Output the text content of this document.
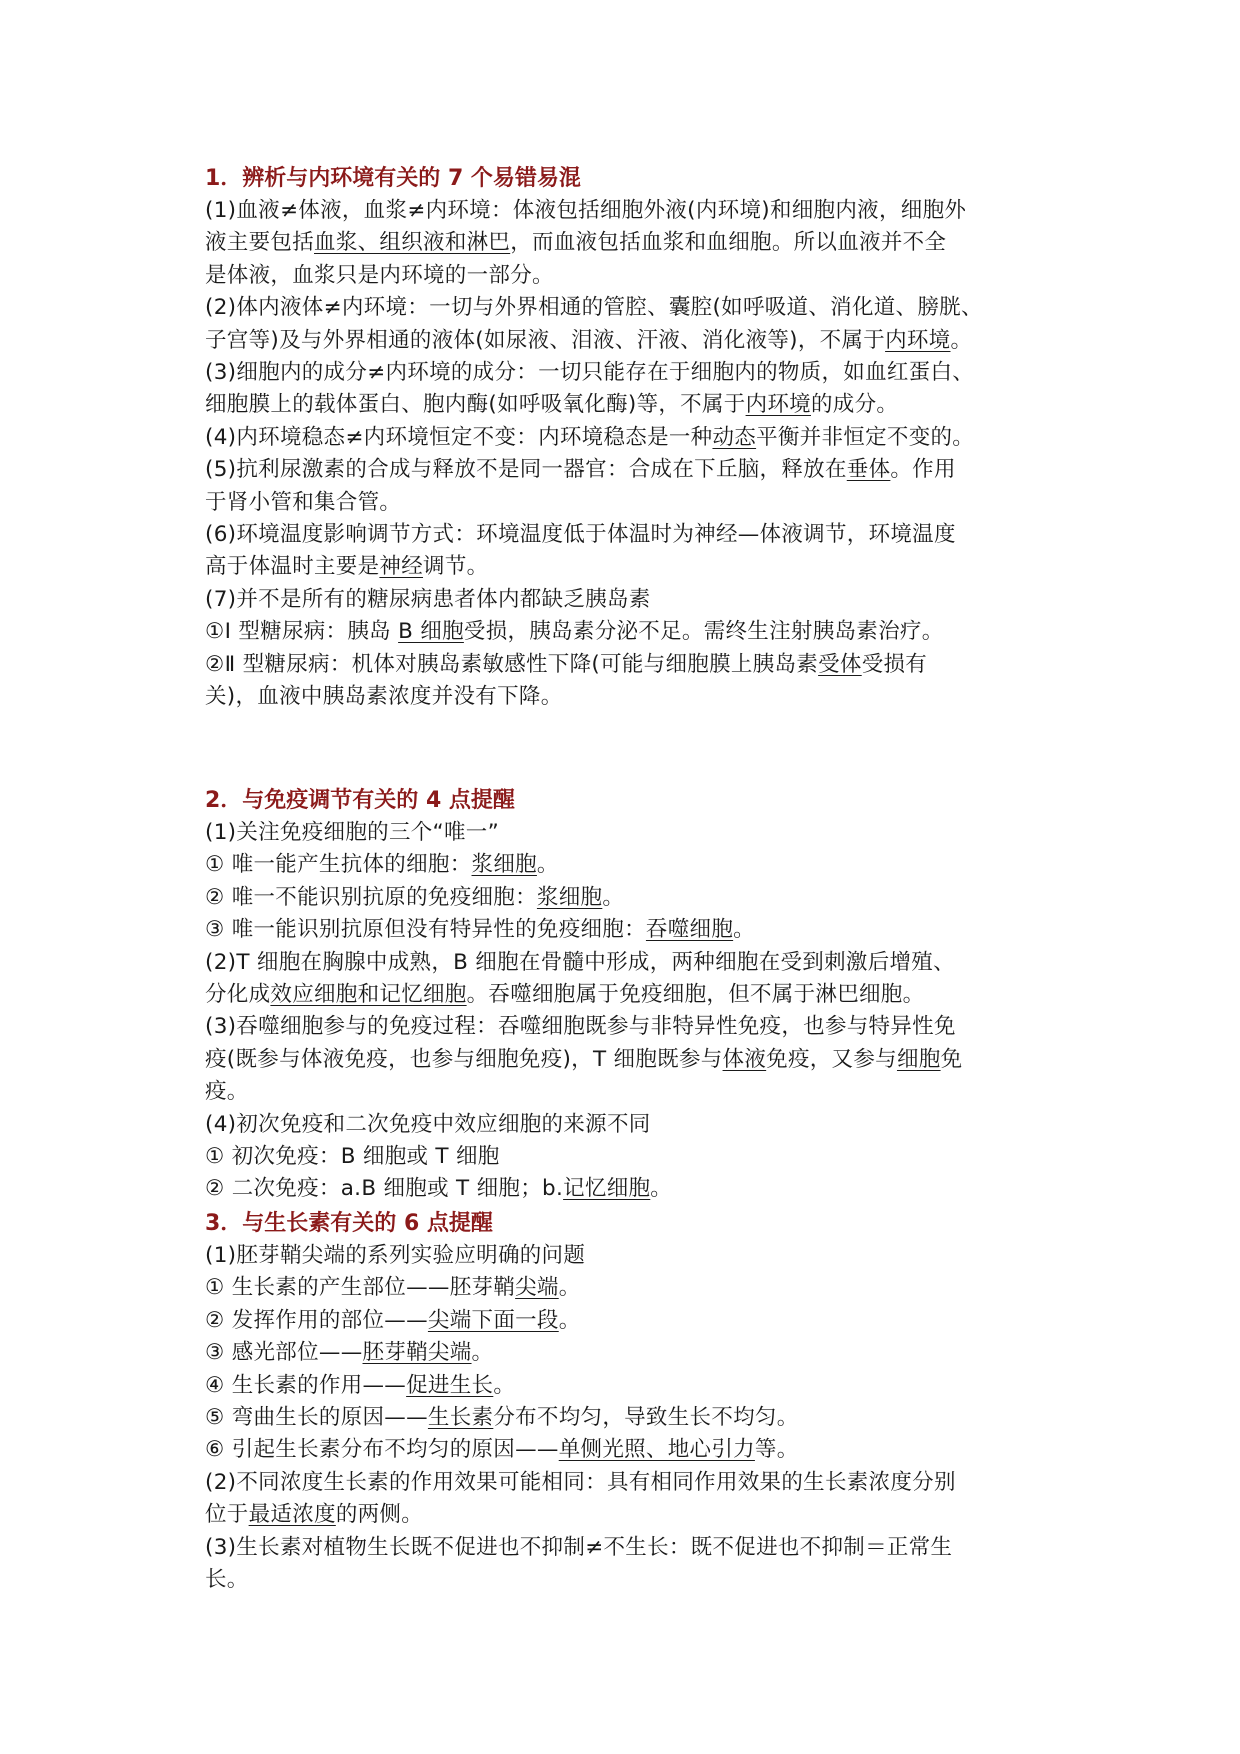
1．辨析与内环境有关的 7 个易错易混

(1)血液≠体液，血浆≠内环境：体液包括细胞外液(内环境)和细胞内液，细胞外

液主要包括血浆、组织液和淋巴，而血液包括血浆和血细胞。所以血液并不全

是体液，血浆只是内环境的一部分。

(2)体内液体≠内环境：一切与外界相通的管腔、囊腔(如呼吸道、消化道、膀胱、

子宫等)及与外界相通的液体(如尿液、泪液、汗液、消化液等)，不属于内环境。

(3)细胞内的成分≠内环境的成分：一切只能存在于细胞内的物质，如血红蛋白、

细胞膜上的载体蛋白、胞内酶(如呼吸氧化酶)等，不属于内环境的成分。

(4)内环境稳态≠内环境恒定不变：内环境稳态是一种动态平衡并非恒定不变的。

(5)抗利尿激素的合成与释放不是同一器官：合成在下丘脑，释放在垂体。作用

于肾小管和集合管。

(6)环境温度影响调节方式：环境温度低于体温时为神经—体液调节，环境温度

高于体温时主要是神经调节。

(7)并不是所有的糖尿病患者体内都缺乏胰岛素

①Ⅰ 型糖尿病：胰岛 B 细胞受损，胰岛素分泌不足。需终生注射胰岛素治疗。

②Ⅱ 型糖尿病：机体对胰岛素敏感性下降(可能与细胞膜上胰岛素受体受损有

关)，血液中胰岛素浓度并没有下降。

2．与免疫调节有关的 4 点提醒

(1)关注免疫细胞的三个“唯一”

① 唯一能产生抗体的细胞：浆细胞。

② 唯一不能识别抗原的免疫细胞：浆细胞。

③ 唯一能识别抗原但没有特异性的免疫细胞：吞噬细胞。

(2)T 细胞在胸腺中成熟，B 细胞在骨髓中形成，两种细胞在受到刺激后增殖、

分化成效应细胞和记忆细胞。吞噬细胞属于免疫细胞，但不属于淋巴细胞。

(3)吞噬细胞参与的免疫过程：吞噬细胞既参与非特异性免疫，也参与特异性免

疫(既参与体液免疫，也参与细胞免疫)，T 细胞既参与体液免疫，又参与细胞免

疫。

(4)初次免疫和二次免疫中效应细胞的来源不同

① 初次免疫：B 细胞或 T 细胞

② 二次免疫：a.B 细胞或 T 细胞；b.记忆细胞。

3．与生长素有关的 6 点提醒

(1)胚芽鞘尖端的系列实验应明确的问题

① 生长素的产生部位——胚芽鞘尖端。

② 发挥作用的部位——尖端下面一段。

③ 感光部位——胚芽鞘尖端。

④ 生长素的作用——促进生长。

⑤ 弯曲生长的原因——生长素分布不均匀，导致生长不均匀。

⑥ 引起生长素分布不均匀的原因——单侧光照、地心引力等。

(2)不同浓度生长素的作用效果可能相同：具有相同作用效果的生长素浓度分别

位于最适浓度的两侧。

(3)生长素对植物生长既不促进也不抑制≠不生长：既不促进也不抑制＝正常生

长。
